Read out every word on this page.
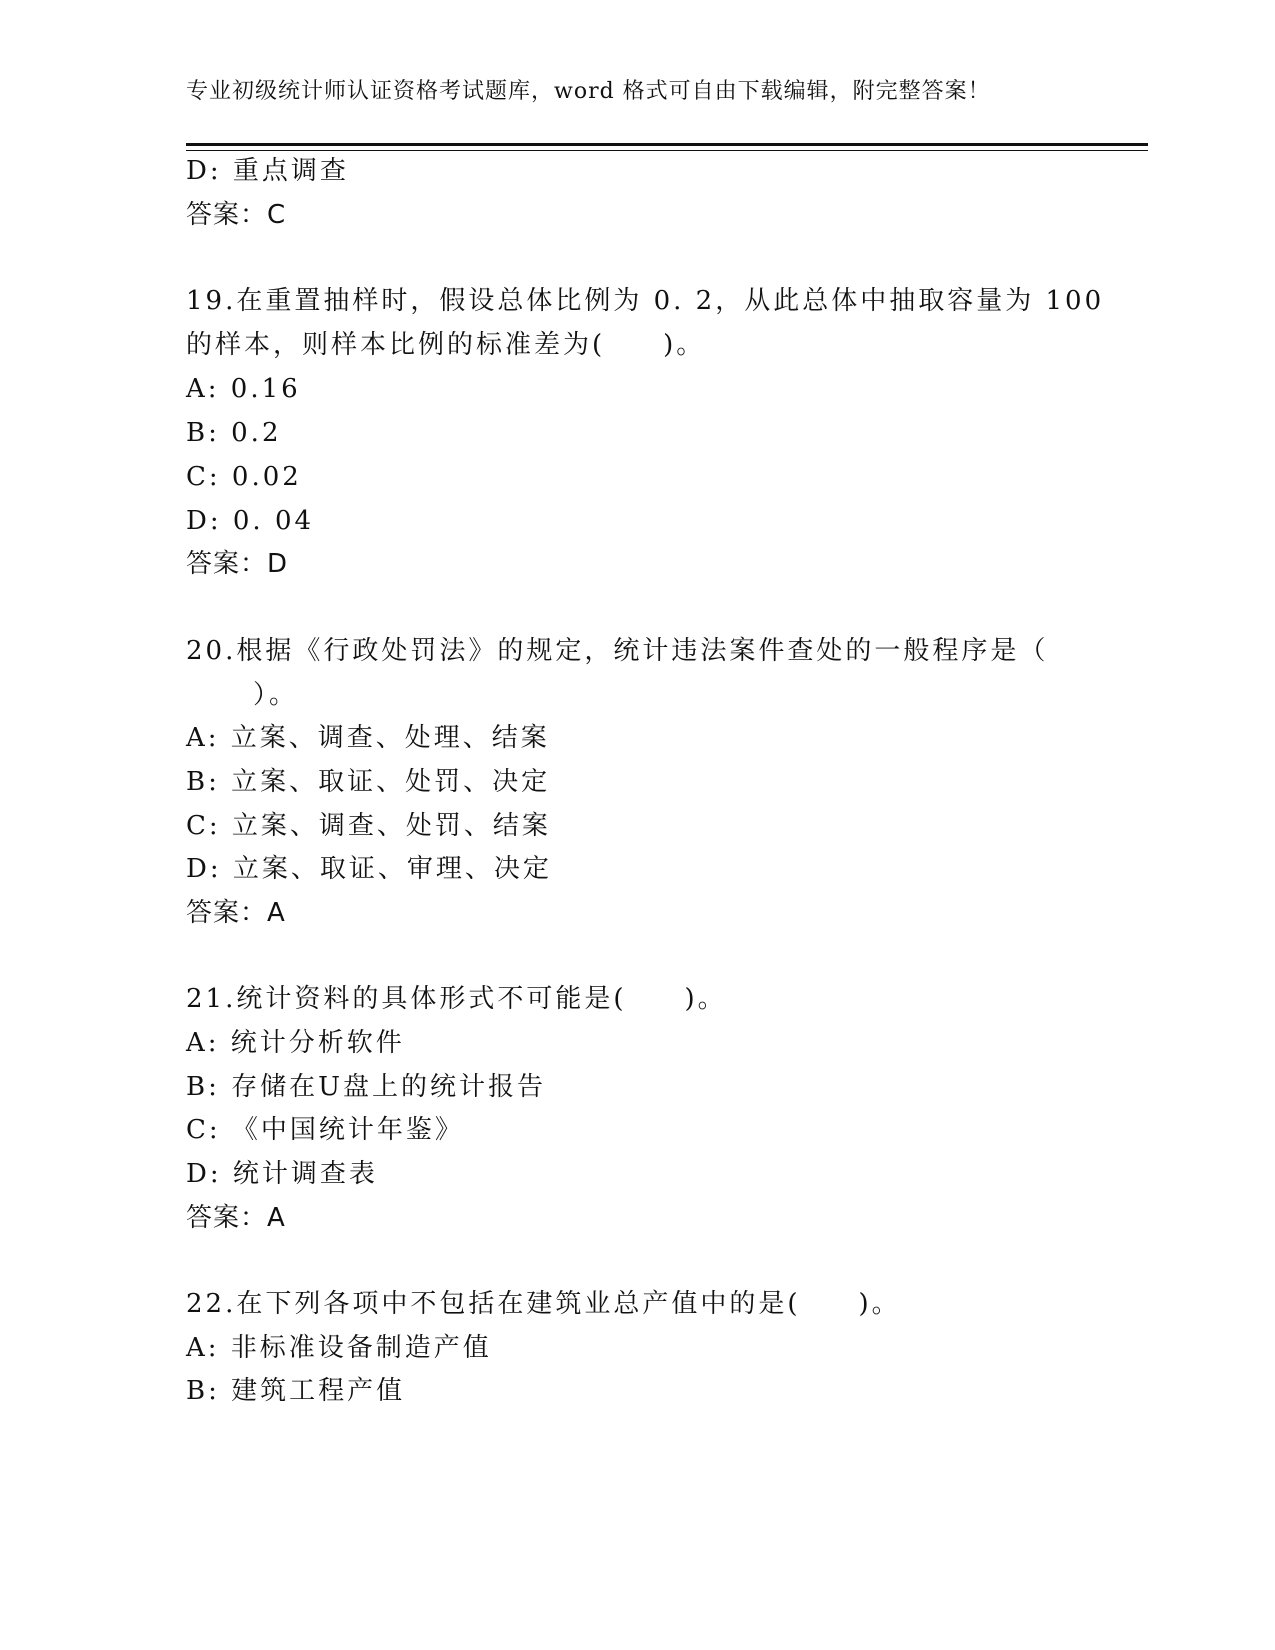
专业初级统计师认证资格考试题库，word 格式可自由下载编辑，附完整答案！
D: 重点调查
答案：C
19.在重置抽样时，假设总体比例为 0. 2，从此总体中抽取容量为 100
的样本，则样本比例的标准差为(　　)。
A: 0.16
B: 0.2
C: 0.02
D: 0. 04
答案：D
20.根据《行政处罚法》的规定，统计违法案件查处的一般程序是（
）。
A: 立案、调查、处理、结案
B: 立案、取证、处罚、决定
C: 立案、调查、处罚、结案
D: 立案、取证、审理、决定
答案：A
21.统计资料的具体形式不可能是(　　)。
A: 统计分析软件
B: 存储在U盘上的统计报告
C: 《中国统计年鉴》
D: 统计调查表
答案：A
22.在下列各项中不包括在建筑业总产值中的是(　　)。
A: 非标准设备制造产值
B: 建筑工程产值
